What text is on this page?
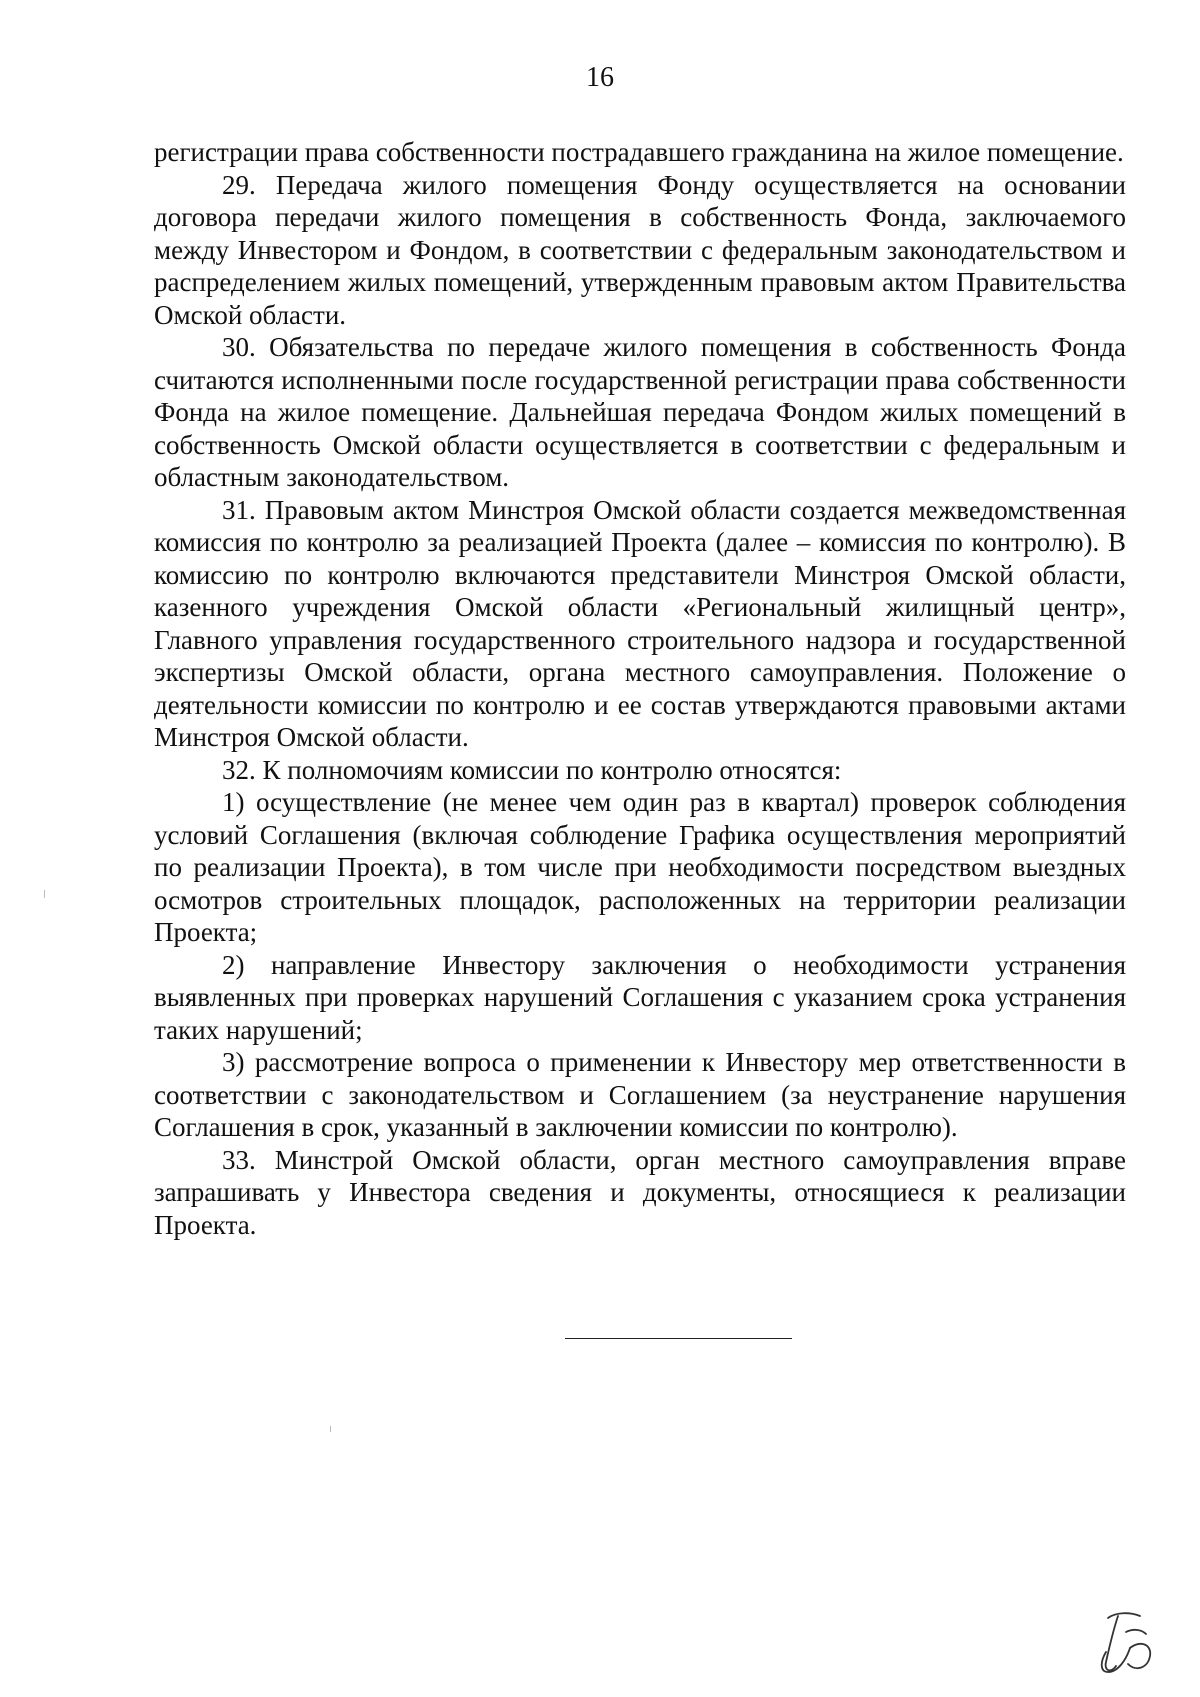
16

регистрации права собственности пострадавшего гражданина на жилое помещение.

29. Передача жилого помещения Фонду осуществляется на основании договора передачи жилого помещения в собственность Фонда, заключаемого между Инвестором и Фондом, в соответствии с федеральным законодательством и распределением жилых помещений, утвержденным правовым актом Правительства Омской области.

30. Обязательства по передаче жилого помещения в собственность Фонда считаются исполненными после государственной регистрации права собственности Фонда на жилое помещение. Дальнейшая передача Фондом жилых помещений в собственность Омской области осуществляется в соответствии с федеральным и областным законодательством.

31. Правовым актом Минстроя Омской области создается межведомственная комиссия по контролю за реализацией Проекта (далее – комиссия по контролю). В комиссию по контролю включаются представители Минстроя Омской области, казенного учреждения Омской области «Региональный жилищный центр», Главного управления государственного строительного надзора и государственной экспертизы Омской области, органа местного самоуправления. Положение о деятельности комиссии по контролю и ее состав утверждаются правовыми актами Минстроя Омской области.

32. К полномочиям комиссии по контролю относятся:

1) осуществление (не менее чем один раз в квартал) проверок соблюдения условий Соглашения (включая соблюдение Графика осуществления мероприятий по реализации Проекта), в том числе при необходимости посредством выездных осмотров строительных площадок, расположенных на территории реализации Проекта;

2) направление Инвестору заключения о необходимости устранения выявленных при проверках нарушений Соглашения с указанием срока устранения таких нарушений;

3) рассмотрение вопроса о применении к Инвестору мер ответственности в соответствии с законодательством и Соглашением (за неустранение нарушения Соглашения в срок, указанный в заключении комиссии по контролю).

33. Минстрой Омской области, орган местного самоуправления вправе запрашивать у Инвестора сведения и документы, относящиеся к реализации Проекта.
